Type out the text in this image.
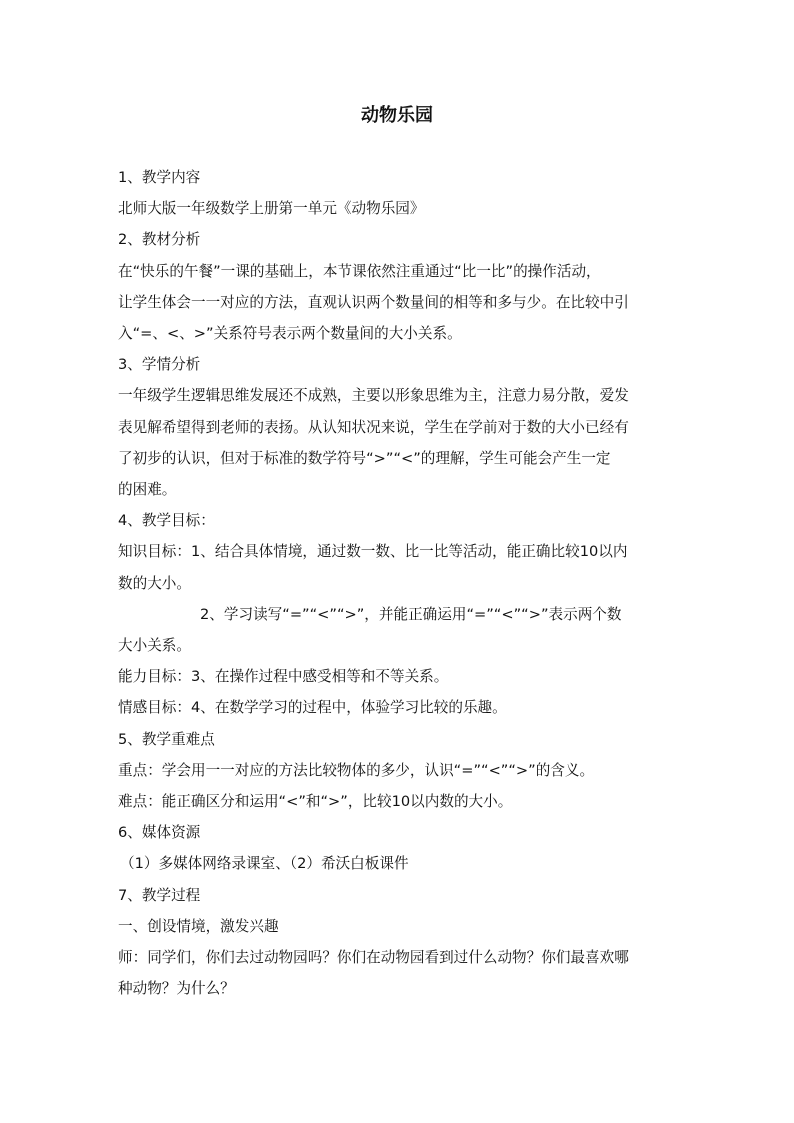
动物乐园

1、教学内容

北师大版一年级数学上册第一单元《动物乐园》

2、教材分析

在“快乐的午餐”一课的基础上，本节课依然注重通过“比一比”的操作活动，

让学生体会一一对应的方法，直观认识两个数量间的相等和多与少。在比较中引

入“=、<、>”关系符号表示两个数量间的大小关系。

3、学情分析

一年级学生逻辑思维发展还不成熟，主要以形象思维为主，注意力易分散，爱发

表见解希望得到老师的表扬。从认知状况来说，学生在学前对于数的大小已经有

了初步的认识，但对于标准的数学符号“>”“<”的理解，学生可能会产生一定

的困难。

4、教学目标：

知识目标：1、结合具体情境，通过数一数、比一比等活动，能正确比较10以内

数的大小。

2、学习读写“=”“<”“>”，并能正确运用“=”“<”“>”表示两个数

大小关系。

能力目标：3、在操作过程中感受相等和不等关系。

情感目标：4、在数学学习的过程中，体验学习比较的乐趣。

5、教学重难点

重点：学会用一一对应的方法比较物体的多少，认识“=”“<”“>”的含义。

难点：能正确区分和运用“<”和“>”，比较10以内数的大小。

6、媒体资源

（1）多媒体网络录课室、（2）希沃白板课件

7、教学过程

一、创设情境，激发兴趣

师：同学们，你们去过动物园吗？你们在动物园看到过什么动物？你们最喜欢哪

种动物？为什么？
